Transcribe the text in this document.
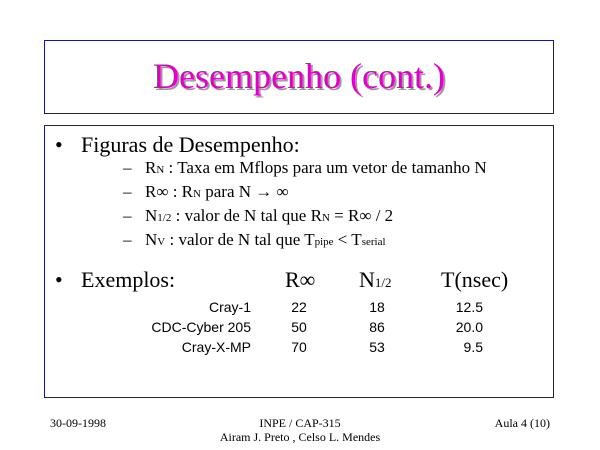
Desempenho (cont.)
• Figuras de Desempenho:
– RN : Taxa em Mflops para um vetor de tamanho N
– R∞ : RN para N → ∞
– N1/2 : valor de N tal que RN = R∞ / 2
– NV : valor de N tal que Tpipe < Tserial
• Exemplos:	R∞ N1/2 T(nsec)
Cray-1	22	18	12.5
CDC-Cyber 205	50	86	20.0
Cray-X-MP	70	53	9.5
30-09-1998	INPE / CAP-315
Airam J. Preto , Celso L. Mendes
Aula 4 (10)
